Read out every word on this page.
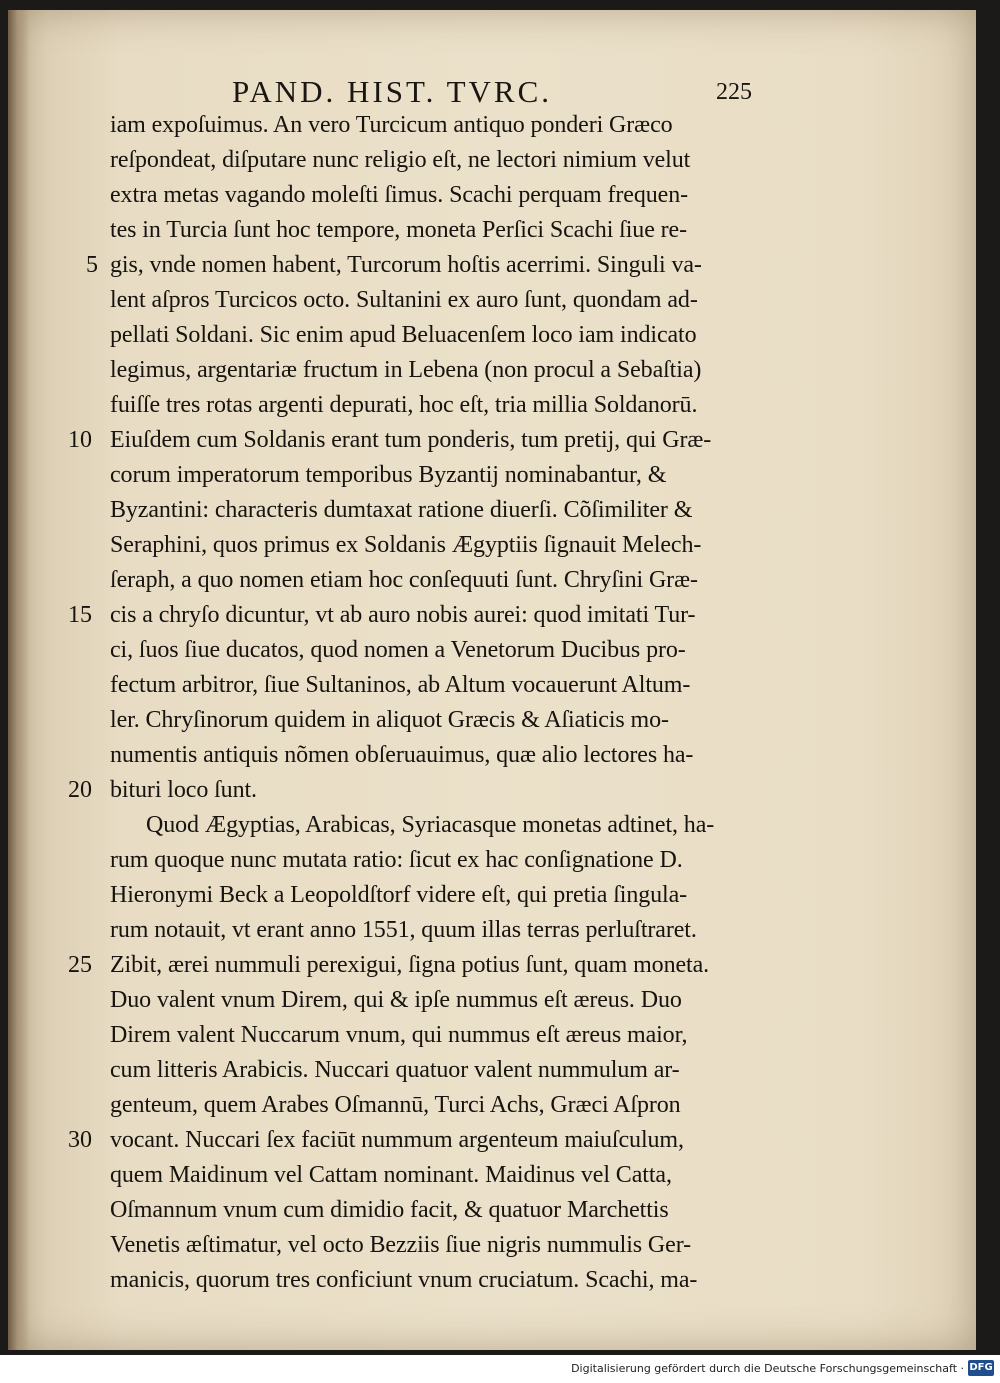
PAND. HIST. TVRC.	225
iam expoſuimus. An vero Turcicum antiquo ponderi Græco
reſpondeat, diſputare nunc religio eſt, ne lectori nimium velut
extra metas vagando moleſti ſimus. Scachi perquam frequen-
tes in Turcia ſunt hoc tempore, moneta Perſici Scachi ſiue re-
gis, vnde nomen habent, Turcorum hoſtis acerrimi. Singuli va-
lent aſpros Turcicos octo. Sultanini ex auro ſunt, quondam ad-
pellati Soldani. Sic enim apud Beluacenſem loco iam indicato
legimus, argentariæ fructum in Lebena (non procul a Sebaſtia)
fuiſſe tres rotas argenti depurati, hoc eſt, tria millia Soldanorū.
Eiuſdem cum Soldanis erant tum ponderis, tum pretij, qui Græ-
corum imperatorum temporibus Byzantij nominabantur, &
Byzantini: characteris dumtaxat ratione diuerſi. Cõſimiliter &
Seraphini, quos primus ex Soldanis Ægyptiis ſignauit Melech-
ſeraph, a quo nomen etiam hoc conſequuti ſunt. Chryſini Græ-
cis a chryſo dicuntur, vt ab auro nobis aurei: quod imitati Tur-
ci, ſuos ſiue ducatos, quod nomen a Venetorum Ducibus pro-
fectum arbitror, ſiue Sultaninos, ab Altum vocauerunt Altum-
ler. Chryſinorum quidem in aliquot Græcis & Aſiaticis mo-
numentis antiquis nõmen obſeruauimus, quæ alio lectores ha-
bituri loco ſunt.
Quod Ægyptias, Arabicas, Syriacasque monetas adtinet, ha-
rum quoque nunc mutata ratio: ſicut ex hac conſignatione D.
Hieronymi Beck a Leopoldſtorf videre eſt, qui pretia ſingula-
rum notauit, vt erant anno 1551, quum illas terras perluſtraret.
Zibit, ærei nummuli perexigui, ſigna potius ſunt, quam moneta.
Duo valent vnum Direm, qui & ipſe nummus eſt æreus. Duo
Direm valent Nuccarum vnum, qui nummus eſt æreus maior,
cum litteris Arabicis. Nuccari quatuor valent nummulum ar-
genteum, quem Arabes Oſmannū, Turci Achs, Græci Aſpron
vocant. Nuccari ſex faciūt nummum argenteum maiuſculum,
quem Maidinum vel Cattam nominant. Maidinus vel Catta,
Oſmannum vnum cum dimidio facit, & quatuor Marchettis
Venetis æſtimatur, vel octo Bezziis ſiue nigris nummulis Ger-
manicis, quorum tres conficiunt vnum cruciatum. Scachi, ma-
5
10
15
20
25
30
Digitalisierung gefördert durch die Deutsche Forschungsgemeinschaft · DFG
